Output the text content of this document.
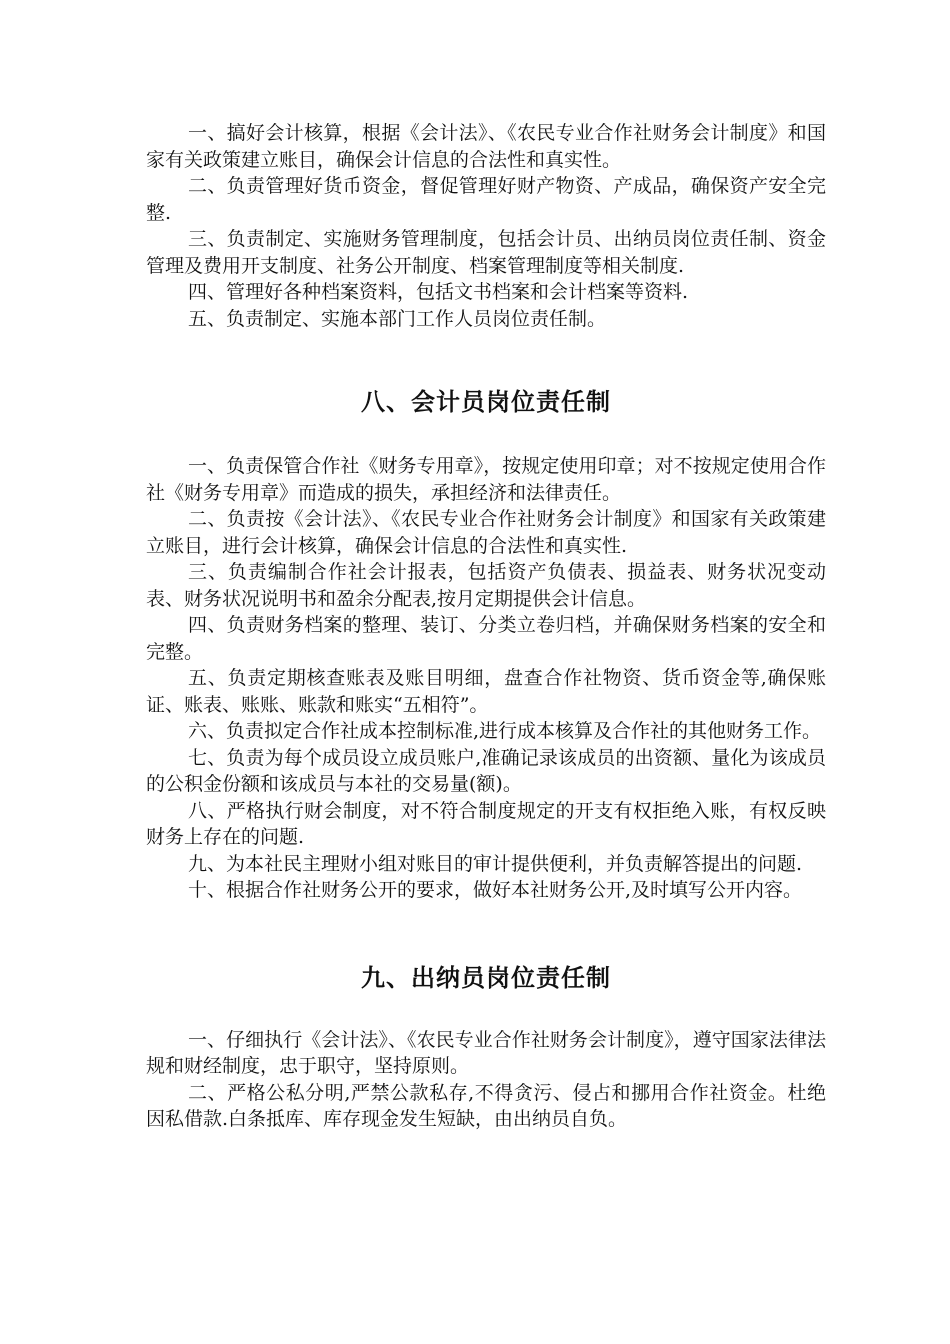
一、搞好会计核算，根据《会计法》、《农民专业合作社财务会计制度》和国家有关政策建立账目，确保会计信息的合法性和真实性。

二、负责管理好货币资金，督促管理好财产物资、产成品，确保资产安全完整.

三、负责制定、实施财务管理制度，包括会计员、出纳员岗位责任制、资金管理及费用开支制度、社务公开制度、档案管理制度等相关制度.

四、管理好各种档案资料，包括文书档案和会计档案等资料.

五、负责制定、实施本部门工作人员岗位责任制。

八、会计员岗位责任制

一、负责保管合作社《财务专用章》，按规定使用印章；对不按规定使用合作社《财务专用章》而造成的损失，承担经济和法律责任。

二、负责按《会计法》、《农民专业合作社财务会计制度》和国家有关政策建立账目，进行会计核算，确保会计信息的合法性和真实性.

三、负责编制合作社会计报表，包括资产负债表、损益表、财务状况变动表、财务状况说明书和盈余分配表,按月定期提供会计信息。

四、负责财务档案的整理、装订、分类立卷归档，并确保财务档案的安全和完整。

五、负责定期核查账表及账目明细，盘查合作社物资、货币资金等,确保账证、账表、账账、账款和账实“五相符”。

六、负责拟定合作社成本控制标准,进行成本核算及合作社的其他财务工作。

七、负责为每个成员设立成员账户,准确记录该成员的出资额、量化为该成员的公积金份额和该成员与本社的交易量(额)。

八、严格执行财会制度，对不符合制度规定的开支有权拒绝入账，有权反映财务上存在的问题.

九、为本社民主理财小组对账目的审计提供便利，并负责解答提出的问题.

十、根据合作社财务公开的要求，做好本社财务公开,及时填写公开内容。

九、出纳员岗位责任制

一、仔细执行《会计法》、《农民专业合作社财务会计制度》，遵守国家法律法规和财经制度，忠于职守，坚持原则。

二、严格公私分明,严禁公款私存,不得贪污、侵占和挪用合作社资金。杜绝因私借款.白条抵库、库存现金发生短缺，由出纳员自负。
